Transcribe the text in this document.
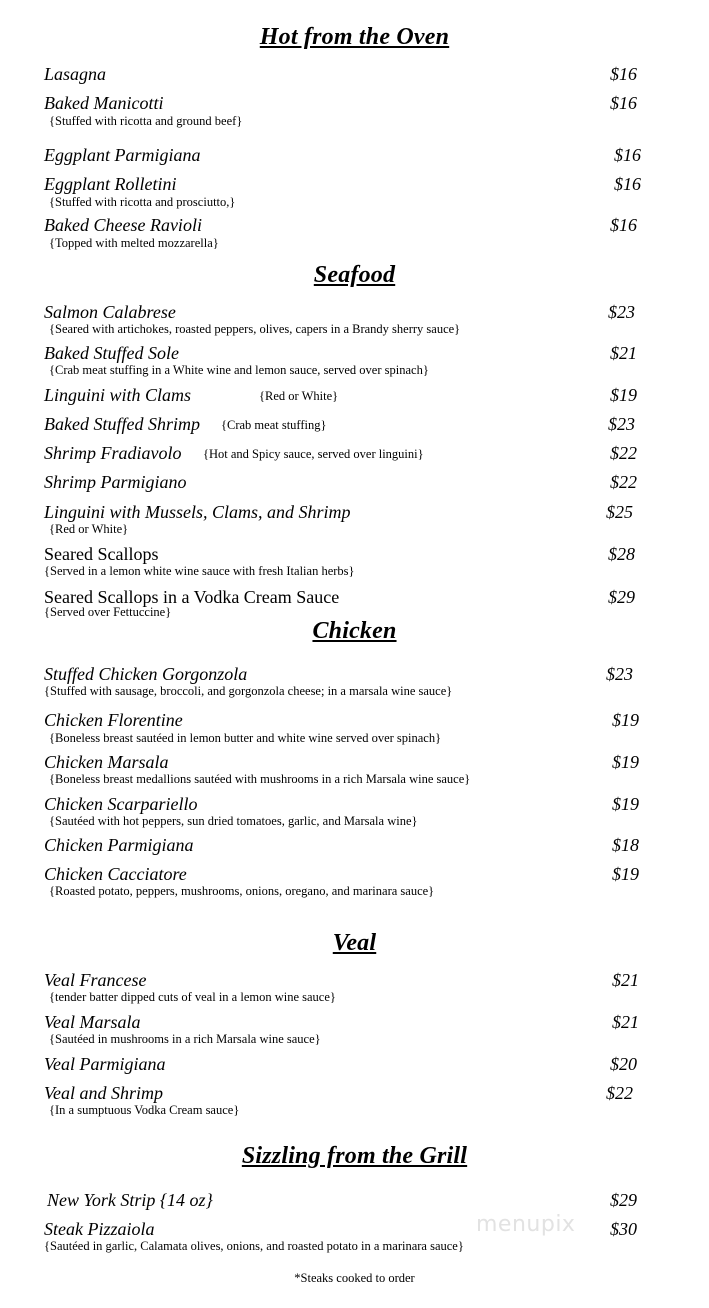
Hot from the Oven
Lasagna	$16
Baked Manicotti	$16
{Stuffed with ricotta and ground beef}
Eggplant Parmigiana	$16
Eggplant Rolletini	$16
{Stuffed with ricotta and prosciutto,}
Baked Cheese Ravioli	$16
{Topped with melted mozzarella}
Seafood
Salmon Calabrese	$23
{Seared with artichokes, roasted peppers, olives, capers in a Brandy sherry sauce}
Baked Stuffed Sole	$21
{Crab meat stuffing in a White wine and lemon sauce, served over spinach}
Linguini with Clams	{Red or White}	$19
Baked Stuffed Shrimp {Crab meat stuffing}	$23
Shrimp Fradiavolo {Hot and Spicy sauce, served over linguini}	$22
Shrimp Parmigiano	$22
Linguini with Mussels, Clams, and Shrimp	$25
{Red or White}
Seared Scallops	$28
{Served in a lemon white wine sauce with fresh Italian herbs}
Seared Scallops in a Vodka Cream Sauce	$29
{Served over Fettuccine}
Chicken
Stuffed Chicken Gorgonzola	$23
{Stuffed with sausage, broccoli, and gorgonzola cheese; in a marsala wine sauce}
Chicken Florentine	$19
{Boneless breast sautéed in lemon butter and white wine served over spinach}
Chicken Marsala	$19
{Boneless breast medallions sautéed with mushrooms in a rich Marsala wine sauce}
Chicken Scarpariello	$19
{Sautéed with hot peppers, sun dried tomatoes, garlic, and Marsala wine}
Chicken Parmigiana	$18
Chicken Cacciatore	$19
{Roasted potato, peppers, mushrooms, onions, oregano, and marinara sauce}
Veal
Veal Francese	$21
{tender batter dipped cuts of veal in a lemon wine sauce}
Veal Marsala	$21
{Sautéed in mushrooms in a rich Marsala wine sauce}
Veal Parmigiana	$20
Veal and Shrimp	$22
{In a sumptuous Vodka Cream sauce}
Sizzling from the Grill
New York Strip {14 oz}	$29
Steak Pizzaiola	$30
{Sautéed in garlic, Calamata olives, onions, and roasted potato in a marinara sauce}
menupix
*Steaks cooked to order
